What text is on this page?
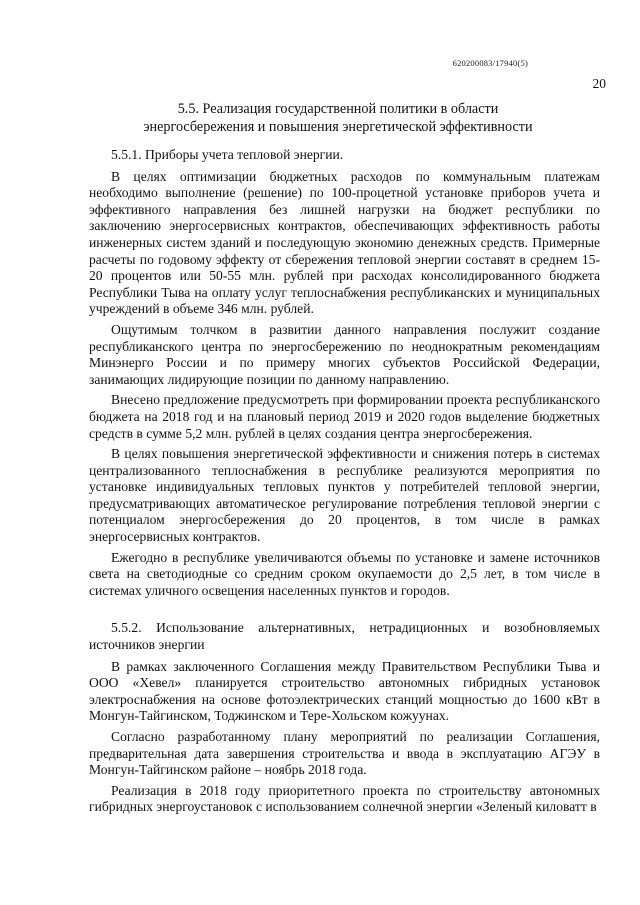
620200083/17940(5)
20
5.5. Реализация государственной политики в области
энергосбережения и повышения энергетической эффективности
5.5.1. Приборы учета тепловой энергии.

В целях оптимизации бюджетных расходов по коммунальным платежам необходимо выполнение (решение) по 100-процетной установке приборов учета и эффективного направления без лишней нагрузки на бюджет республики по заключению энергосервисных контрактов, обеспечивающих эффективность работы инженерных систем зданий и последующую экономию денежных средств. Примерные расчеты по годовому эффекту от сбережения тепловой энергии составят в среднем 15-20 процентов или 50-55 млн. рублей при расходах консолидированного бюджета Республики Тыва на оплату услуг теплоснабжения республиканских и муниципальных учреждений в объеме 346 млн. рублей.

Ощутимым толчком в развитии данного направления послужит создание республиканского центра по энергосбережению по неоднократным рекомендациям Минэнерго России и по примеру многих субъектов Российской Федерации, занимающих лидирующие позиции по данному направлению.

Внесено предложение предусмотреть при формировании проекта республиканского бюджета на 2018 год и на плановый период 2019 и 2020 годов выделение бюджетных средств в сумме 5,2 млн. рублей в целях создания центра энергосбережения.

В целях повышения энергетической эффективности и снижения потерь в системах централизованного теплоснабжения в республике реализуются мероприятия по установке индивидуальных тепловых пунктов у потребителей тепловой энергии, предусматривающих автоматическое регулирование потребления тепловой энергии с потенциалом энергосбережения до 20 процентов, в том числе в рамках энергосервисных контрактов.

Ежегодно в республике увеличиваются объемы по установке и замене источников света на светодиодные со средним сроком окупаемости до 2,5 лет, в том числе в системах уличного освещения населенных пунктов и городов.

5.5.2. Использование альтернативных, нетрадиционных и возобновляемых источников энергии

В рамках заключенного Соглашения между Правительством Республики Тыва и ООО «Хевел» планируется строительство автономных гибридных установок электроснабжения на основе фотоэлектрических станций мощностью до 1600 кВт в Монгун-Тайгинском, Тоджинском и Тере-Хольском кожуунах.

Согласно разработанному плану мероприятий по реализации Соглашения, предварительная дата завершения строительства и ввода в эксплуатацию АГЭУ в Монгун-Тайгинском районе – ноябрь 2018 года.

Реализация в 2018 году приоритетного проекта по строительству автономных гибридных энергоустановок с использованием солнечной энергии «Зеленый киловатт в
